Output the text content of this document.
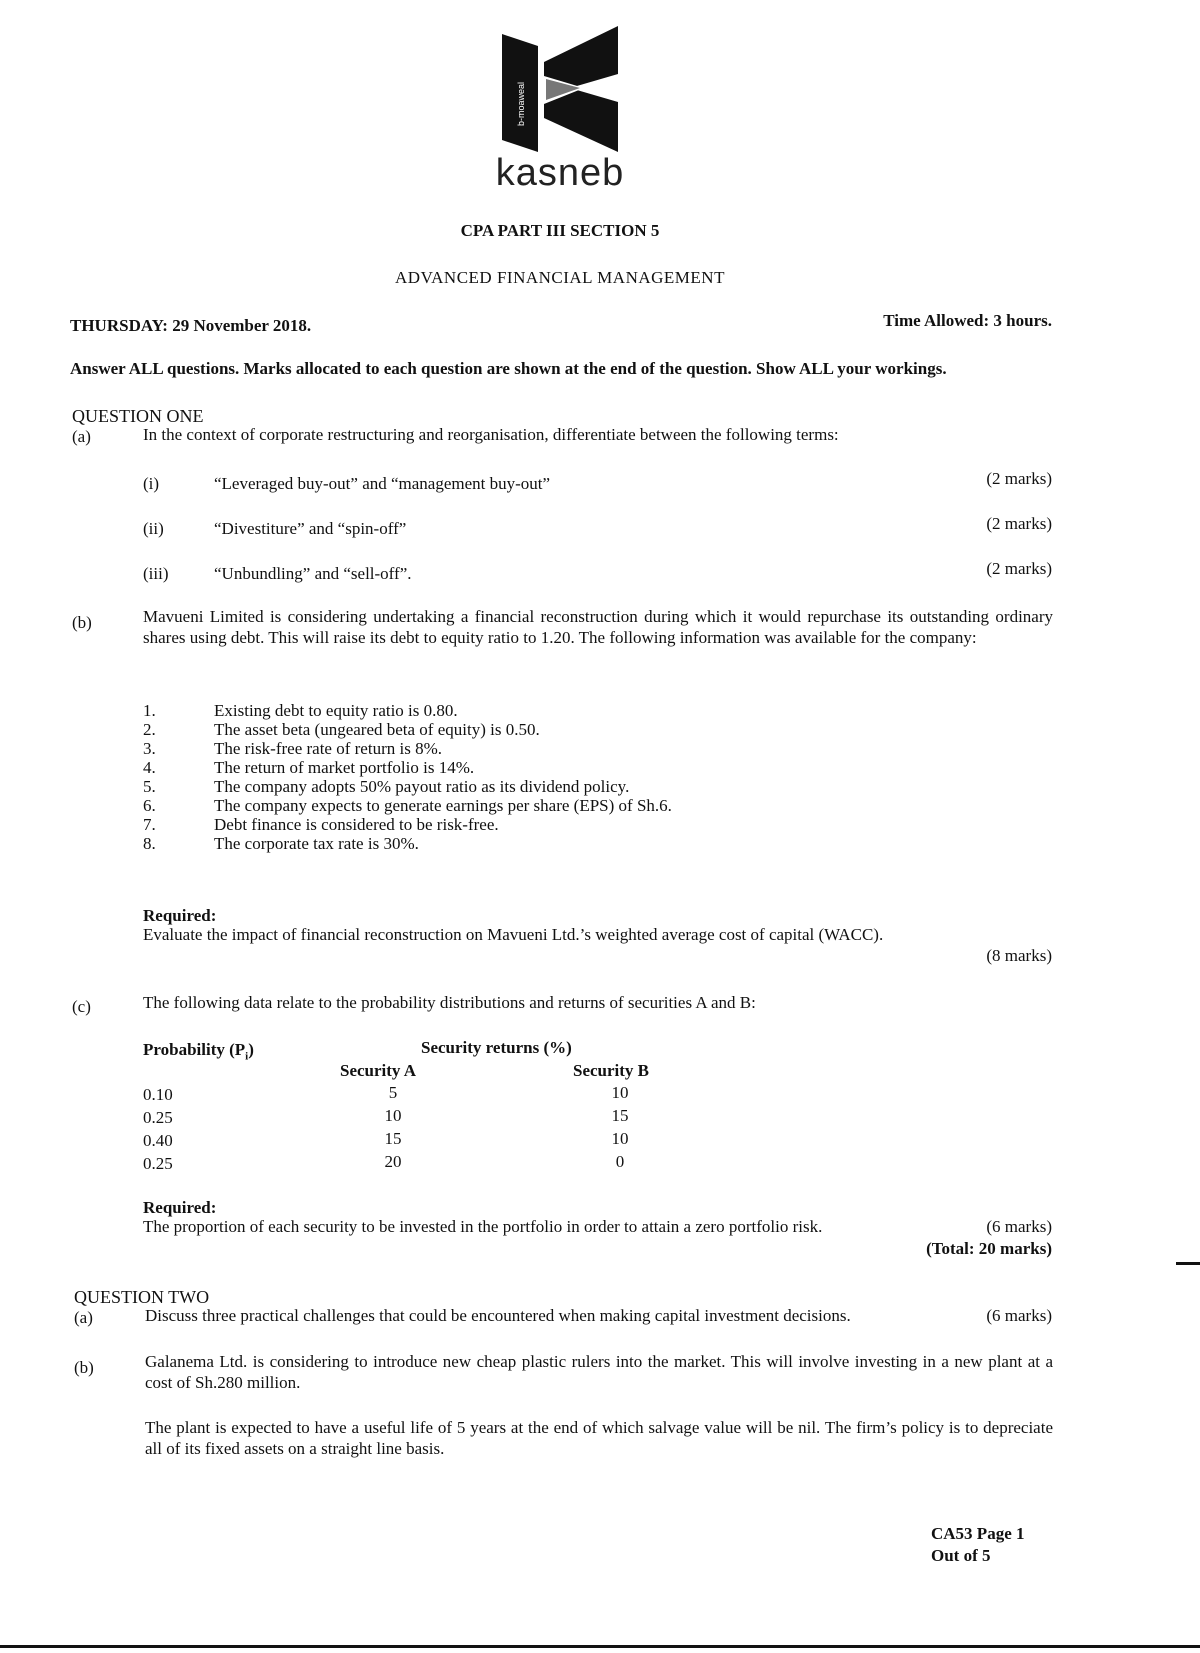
b-moaweal
kasneb
CPA PART III SECTION 5
ADVANCED FINANCIAL MANAGEMENT
THURSDAY: 29 November 2018.	Time Allowed: 3 hours.
Answer ALL questions. Marks allocated to each question are shown at the end of the question. Show ALL your workings.
QUESTION ONE
(a)	In the context of corporate restructuring and reorganisation, differentiate between the following terms:
(i)	“Leveraged buy-out” and “management buy-out”	(2 marks)
(ii)	“Divestiture” and “spin-off”	(2 marks)
(iii)	“Unbundling” and “sell-off”.	(2 marks)
(b)	Mavueni Limited is considering undertaking a financial reconstruction during which it would repurchase its outstanding ordinary shares using debt. This will raise its debt to equity ratio to 1.20. The following information was available for the company:
1.	Existing debt to equity ratio is 0.80.
2.	The asset beta (ungeared beta of equity) is 0.50.
3.	The risk-free rate of return is 8%.
4.	The return of market portfolio is 14%.
5.	The company adopts 50% payout ratio as its dividend policy.
6.	The company expects to generate earnings per share (EPS) of Sh.6.
7.	Debt finance is considered to be risk-free.
8.	The corporate tax rate is 30%.
Required:
Evaluate the impact of financial reconstruction on Mavueni Ltd.’s weighted average cost of capital (WACC).
(8 marks)
(c)	The following data relate to the probability distributions and returns of securities A and B:
Probability $(P_i)$	Security returns (%)
Security A	Security B
0.10	5	10
0.25	10	15
0.40	15	10
0.25	20	0
Required:
The proportion of each security to be invested in the portfolio in order to attain a zero portfolio risk.	(6 marks)
(Total: 20 marks)
QUESTION TWO
(a)	Discuss three practical challenges that could be encountered when making capital investment decisions.	(6 marks)
(b)	Galanema Ltd. is considering to introduce new cheap plastic rulers into the market. This will involve investing in a new plant at a cost of Sh.280 million.
The plant is expected to have a useful life of 5 years at the end of which salvage value will be nil. The firm’s policy is to depreciate all of its fixed assets on a straight line basis.
CA53 Page 1
Out of 5
